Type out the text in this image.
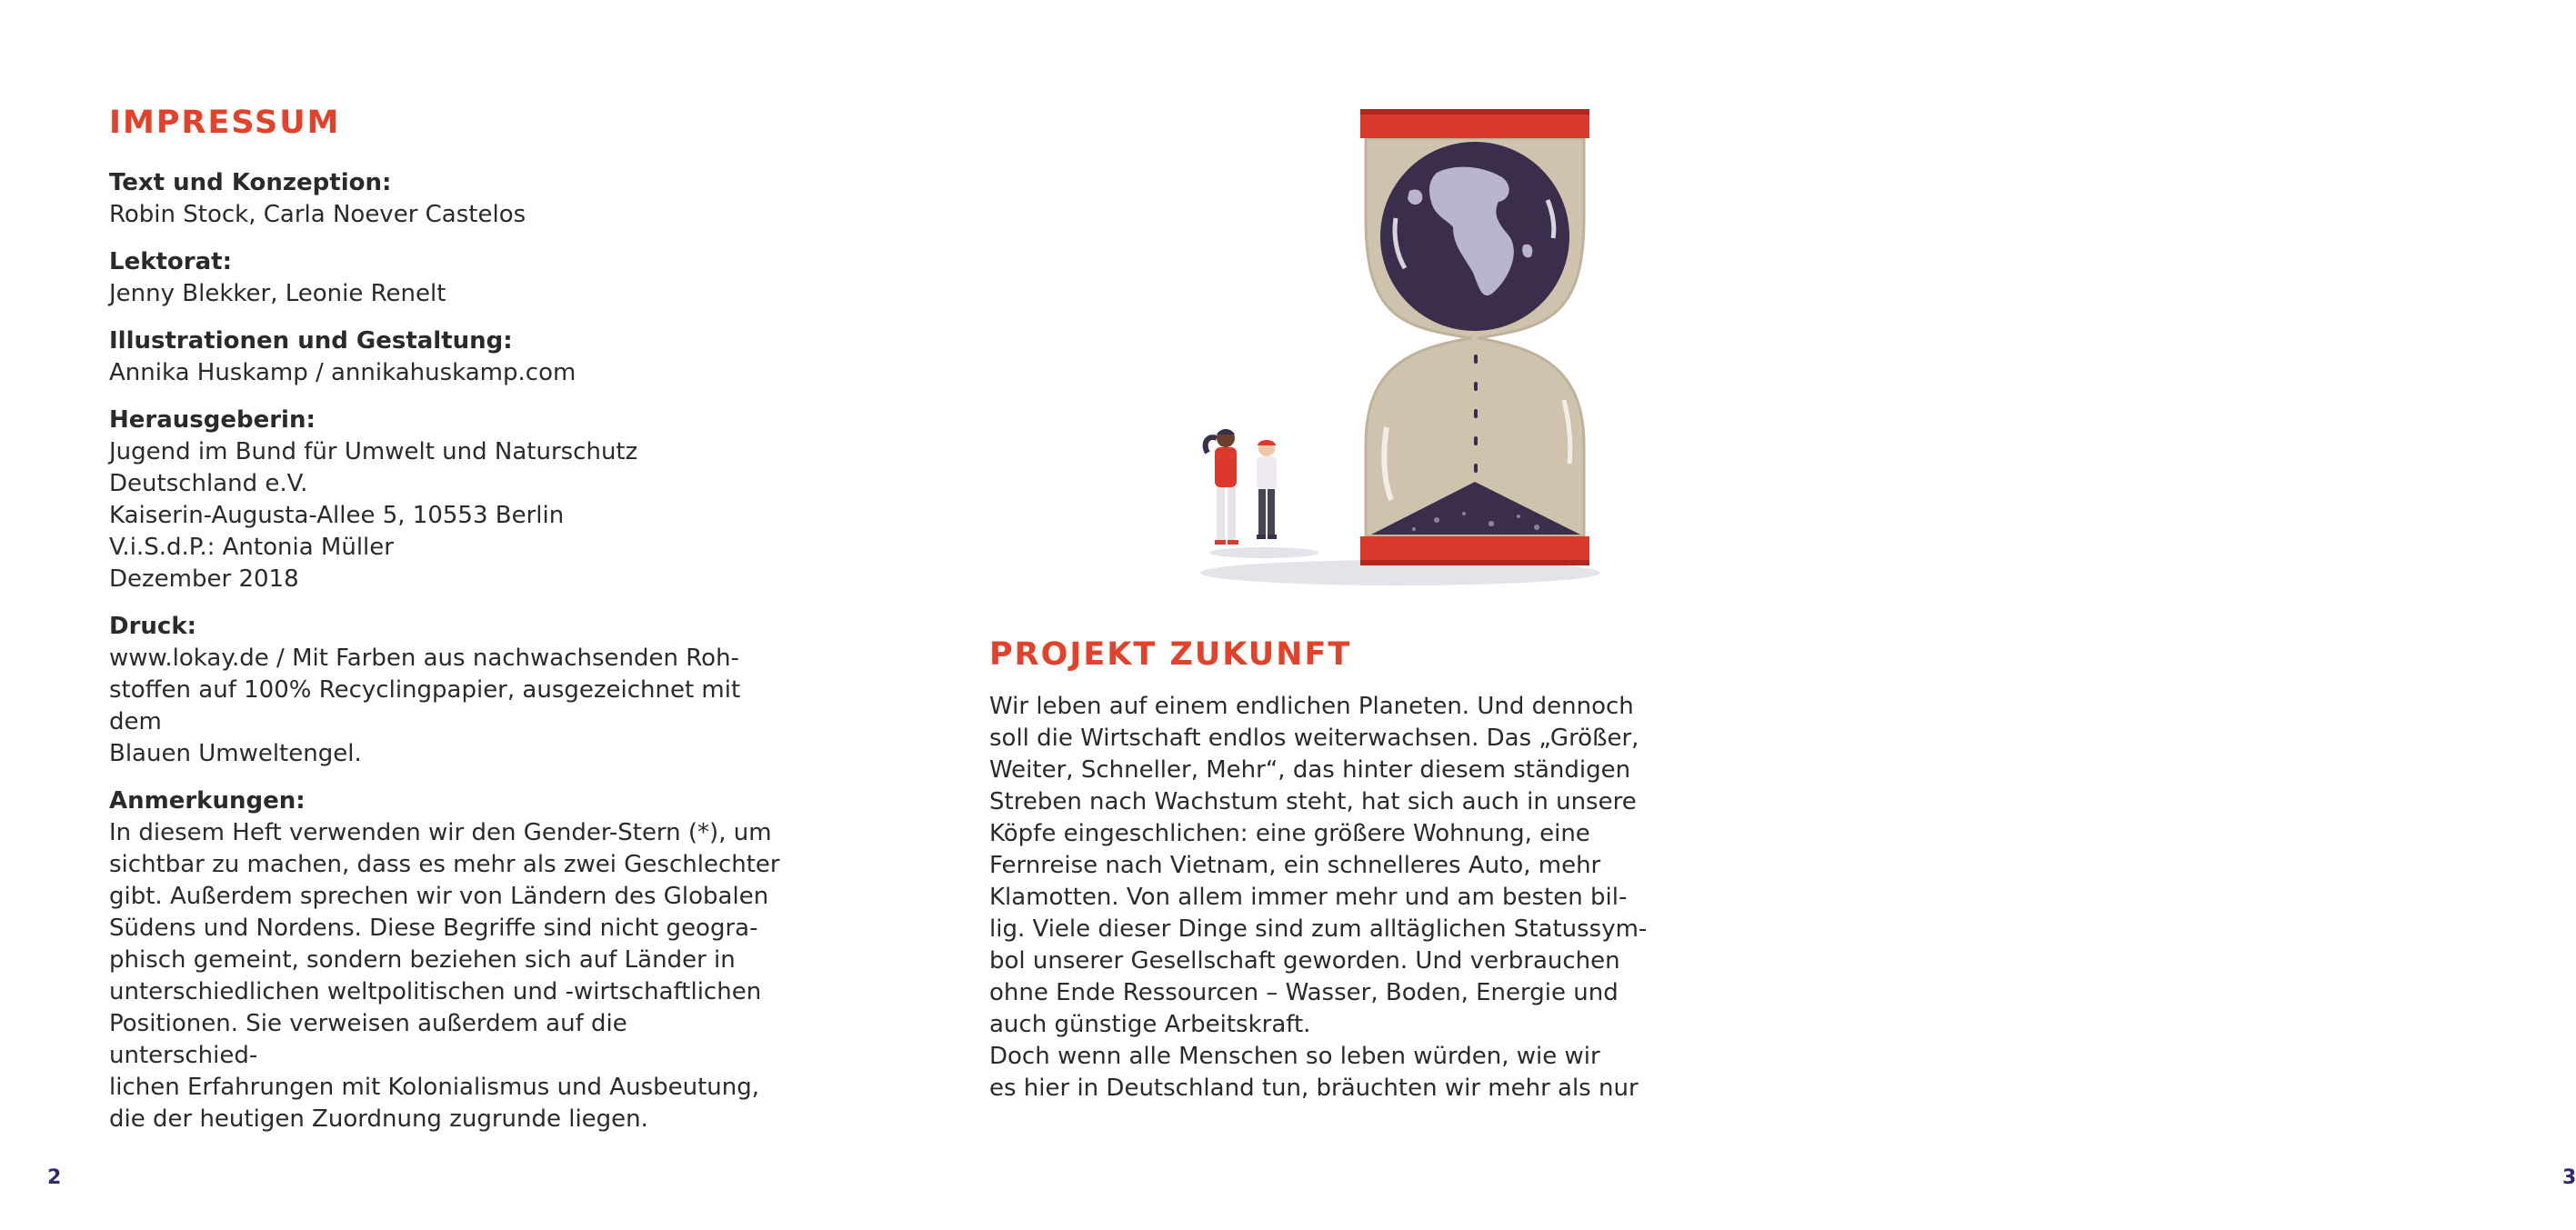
IMPRESSUM
Text und Konzeption:
Robin Stock, Carla Noever Castelos
Lektorat:
Jenny Blekker, Leonie Renelt
Illustrationen und Gestaltung:
Annika Huskamp / annikahuskamp.com
Herausgeberin:
Jugend im Bund für Umwelt und Naturschutz
Deutschland e.V.
Kaiserin-Augusta-Allee 5, 10553 Berlin
V.i.S.d.P.: Antonia Müller
Dezember 2018
Druck:
www.lokay.de / Mit Farben aus nachwachsenden Roh-
stoffen auf 100% Recyclingpapier, ausgezeichnet mit dem
Blauen Umweltengel.
Anmerkungen:
In diesem Heft verwenden wir den Gender-Stern (*), um
sichtbar zu machen, dass es mehr als zwei Geschlechter
gibt. Außerdem sprechen wir von Ländern des Globalen
Südens und Nordens. Diese Begriffe sind nicht geogra-
phisch gemeint, sondern beziehen sich auf Länder in
unterschiedlichen weltpolitischen und -wirtschaftlichen
Positionen. Sie verweisen außerdem auf die unterschied-
lichen Erfahrungen mit Kolonialismus und Ausbeutung,
die der heutigen Zuordnung zugrunde liegen.
2
PROJEKT ZUKUNFT
Wir leben auf einem endlichen Planeten. Und dennoch
soll die Wirtschaft endlos weiterwachsen. Das „Größer,
Weiter, Schneller, Mehr“, das hinter diesem ständigen
Streben nach Wachstum steht, hat sich auch in unsere
Köpfe eingeschlichen: eine größere Wohnung, eine
Fernreise nach Vietnam, ein schnelleres Auto, mehr
Klamotten. Von allem immer mehr und am besten bil-
lig. Viele dieser Dinge sind zum alltäglichen Statussym-
bol unserer Gesellschaft geworden. Und verbrauchen
ohne Ende Ressourcen – Wasser, Boden, Energie und
auch günstige Arbeitskraft.
Doch wenn alle Menschen so leben würden, wie wir
es hier in Deutschland tun, bräuchten wir mehr als nur
3
